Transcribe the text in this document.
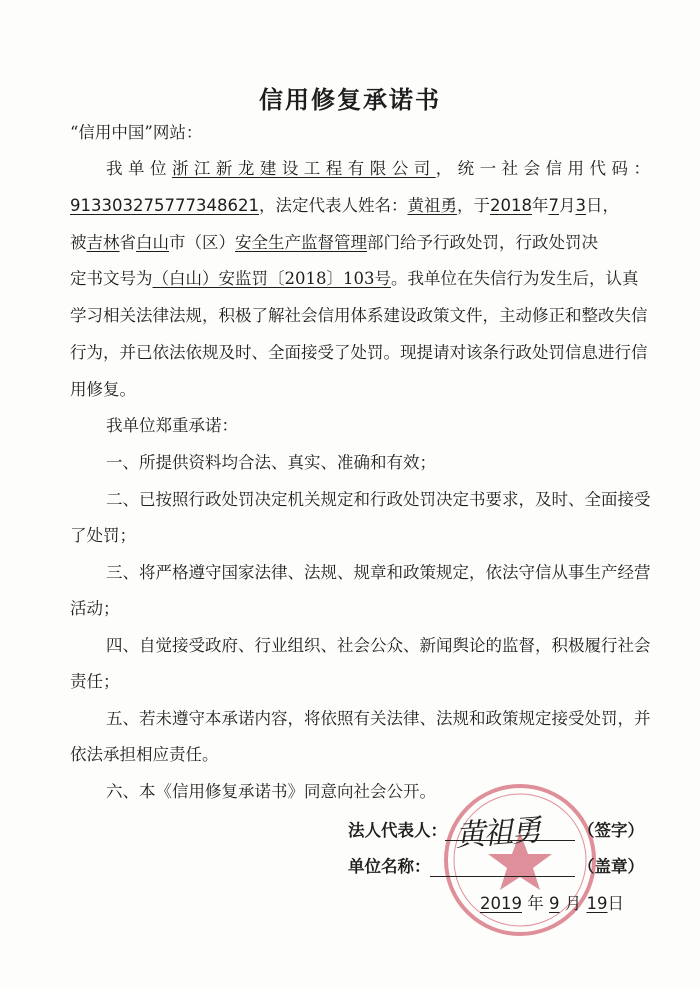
信用修复承诺书
“信用中国”网站：
我单位浙江新龙建设工程有限公司，统一社会信用代码：
913303275777348621，法定代表人姓名：黄祖勇，于2018年7月3日，
被吉林省白山市（区）安全生产监督管理部门给予行政处罚，行政处罚决
定书文号为（白山）安监罚〔2018〕103号。我单位在失信行为发生后，认真
学习相关法律法规，积极了解社会信用体系建设政策文件，主动修正和整改失信
行为，并已依法依规及时、全面接受了处罚。现提请对该条行政处罚信息进行信
用修复。
我单位郑重承诺：
一、所提供资料均合法、真实、准确和有效；
二、已按照行政处罚决定机关规定和行政处罚决定书要求，及时、全面接受
了处罚；
三、将严格遵守国家法律、法规、规章和政策规定，依法守信从事生产经营
活动；
四、自觉接受政府、行业组织、社会公众、新闻舆论的监督，积极履行社会
责任；
五、若未遵守本承诺内容，将依照有关法律、法规和政策规定接受处罚，并
依法承担相应责任。
六、本《信用修复承诺书》同意向社会公开。
法人代表人： 黄祖勇 （签字）
单位名称：	（盖章）
2019 年 9 月 19日
